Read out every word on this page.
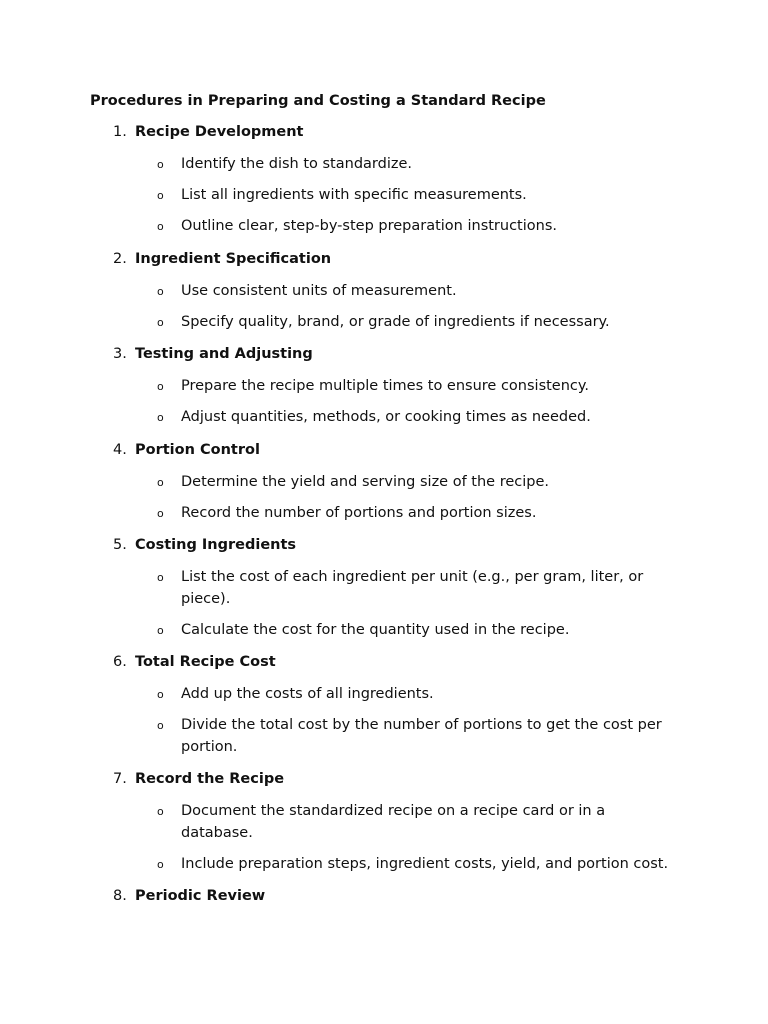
Procedures in Preparing and Costing a Standard Recipe
1. Recipe Development
o Identify the dish to standardize.
o List all ingredients with specific measurements.
o Outline clear, step-by-step preparation instructions.
2. Ingredient Specification
o Use consistent units of measurement.
o Specify quality, brand, or grade of ingredients if necessary.
3. Testing and Adjusting
o Prepare the recipe multiple times to ensure consistency.
o Adjust quantities, methods, or cooking times as needed.
4. Portion Control
o Determine the yield and serving size of the recipe.
o Record the number of portions and portion sizes.
5. Costing Ingredients
o List the cost of each ingredient per unit (e.g., per gram, liter, or piece).
o Calculate the cost for the quantity used in the recipe.
6. Total Recipe Cost
o Add up the costs of all ingredients.
o Divide the total cost by the number of portions to get the cost per portion.
7. Record the Recipe
o Document the standardized recipe on a recipe card or in a database.
o Include preparation steps, ingredient costs, yield, and portion cost.
8. Periodic Review
